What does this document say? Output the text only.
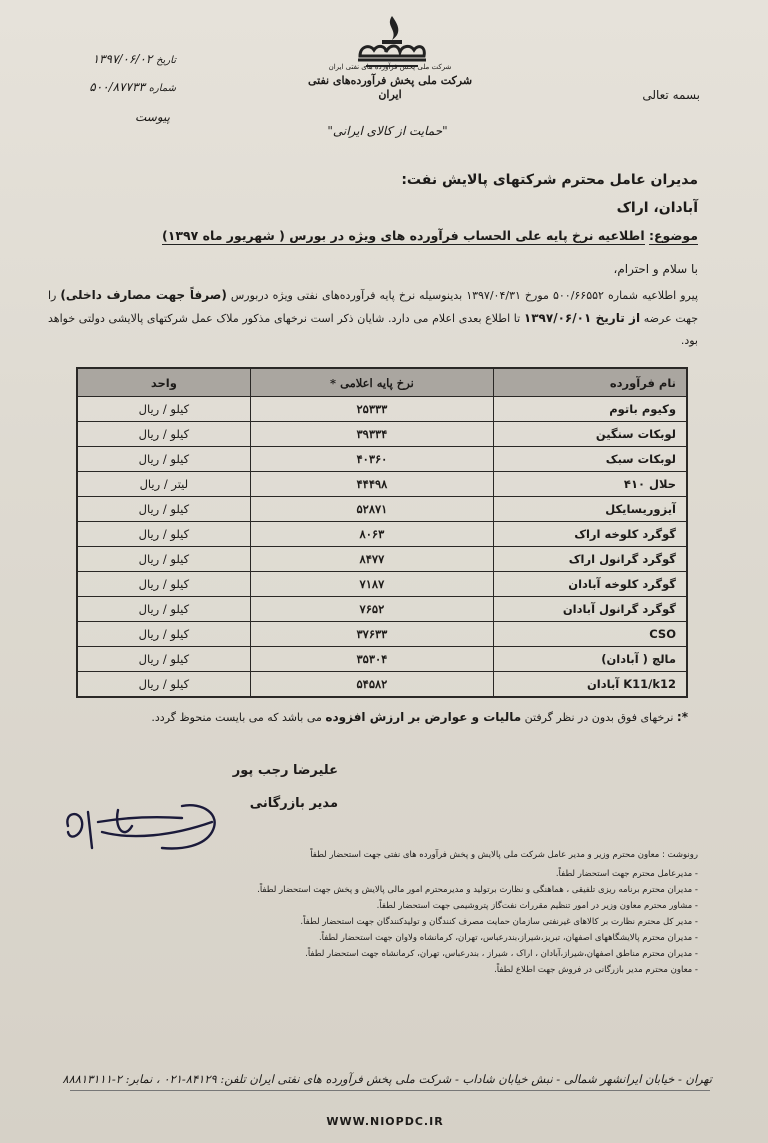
شرکت ملی پخش فرآورده های نفتی ایران
شرکت ملی پخش فرآورده‌های نفتی ایران
"حمایت از کالای ایرانی"
بسمه تعالی
تاریخ ۱۳۹۷/۰۶/۰۲
شماره ۵۰۰/۸۷۷۳۳
پیوست
مدیران عامل محترم شرکتهای پالایش نفت:
آبادان، اراک
موضوع: اطلاعیه نرخ پایه علی الحساب فرآورده های ویژه در بورس ( شهریور ماه ۱۳۹۷)
با سلام و احترام،
پیرو اطلاعیه شماره ۵۰۰/۶۶۵۵۲ مورخ ۱۳۹۷/۰۴/۳۱ بدینوسیله نرخ پایه فرآورده‌های نفتی ویژه دربورس (صرفاً جهت مصارف داخلی) را جهت عرضه از تاریخ ۱۳۹۷/۰۶/۰۱ تا اطلاع بعدی اعلام می دارد. شایان ذکر است نرخهای مذکور ملاک عمل شرکتهای پالایشی دولتی خواهد بود.
نام فرآورده	نرخ پایه اعلامی *	واحد
وکیوم باتوم	۲۵۳۳۳	کیلو / ریال
لوبکات سنگین	۳۹۳۳۴	کیلو / ریال
لوبکات سبک	۴۰۳۶۰	کیلو / ریال
حلال ۴۱۰	۴۴۴۹۸	لیتر / ریال
آیزوریسایکل	۵۲۸۷۱	کیلو / ریال
گوگرد کلوخه اراک	۸۰۶۳	کیلو / ریال
گوگرد گرانول اراک	۸۴۷۷	کیلو / ریال
گوگرد کلوخه آبادان	۷۱۸۷	کیلو / ریال
گوگرد گرانول آبادان	۷۶۵۲	کیلو / ریال
CSO	۳۷۶۳۳	کیلو / ریال
مالچ ( آبادان)	۳۵۳۰۴	کیلو / ریال
K11/k12 آبادان	۵۴۵۸۲	کیلو / ریال
*: نرخهای فوق بدون در نظر گرفتن مالیات و عوارض بر ارزش افزوده می باشد که می بایست منحوظ گردد.
علیرضا رجب پور
مدیر بازرگانی
رونوشت : معاون محترم وزیر و مدیر عامل شرکت ملی پالایش و پخش فرآورده های نفتی جهت استحضار لطفاً
- مدیرعامل محترم جهت استحضار لطفاً.
- مدیران محترم برنامه ریزی تلفیقی ، هماهنگی و نظارت برتولید و مدیرمحترم امور مالی پالایش و پخش جهت استحضار لطفاً.
- مشاور محترم معاون وزیر در امور تنظیم مقررات نفت‌گاز پتروشیمی جهت استحضار لطفاً.
- مدیر کل محترم نظارت بر کالاهای غیرنفتی سازمان حمایت مصرف کنندگان و تولیدکنندگان جهت استحضار لطفاً.
- مدیران محترم پالایشگاههای اصفهان، تبریز،شیراز،بندرعباس، تهران، کرمانشاه ولاوان جهت استحضار لطفاً.
- مدیران محترم مناطق اصفهان،شیراز،آبادان ، اراک ، شیراز ، بندرعباس، تهران، کرمانشاه جهت استحضار لطفاً.
- معاون محترم مدیر بازرگانی در فروش جهت اطلاع لطفاً.
تهران - خیابان ایرانشهر شمالی - نبش خیابان شاداب - شرکت ملی پخش فرآورده های نفتی ایران تلفن: ۸۴۱۲۹-۰۲۱ ، نمابر: ۲-۸۸۸۱۳۱۱۱
WWW.NIOPDC.IR
